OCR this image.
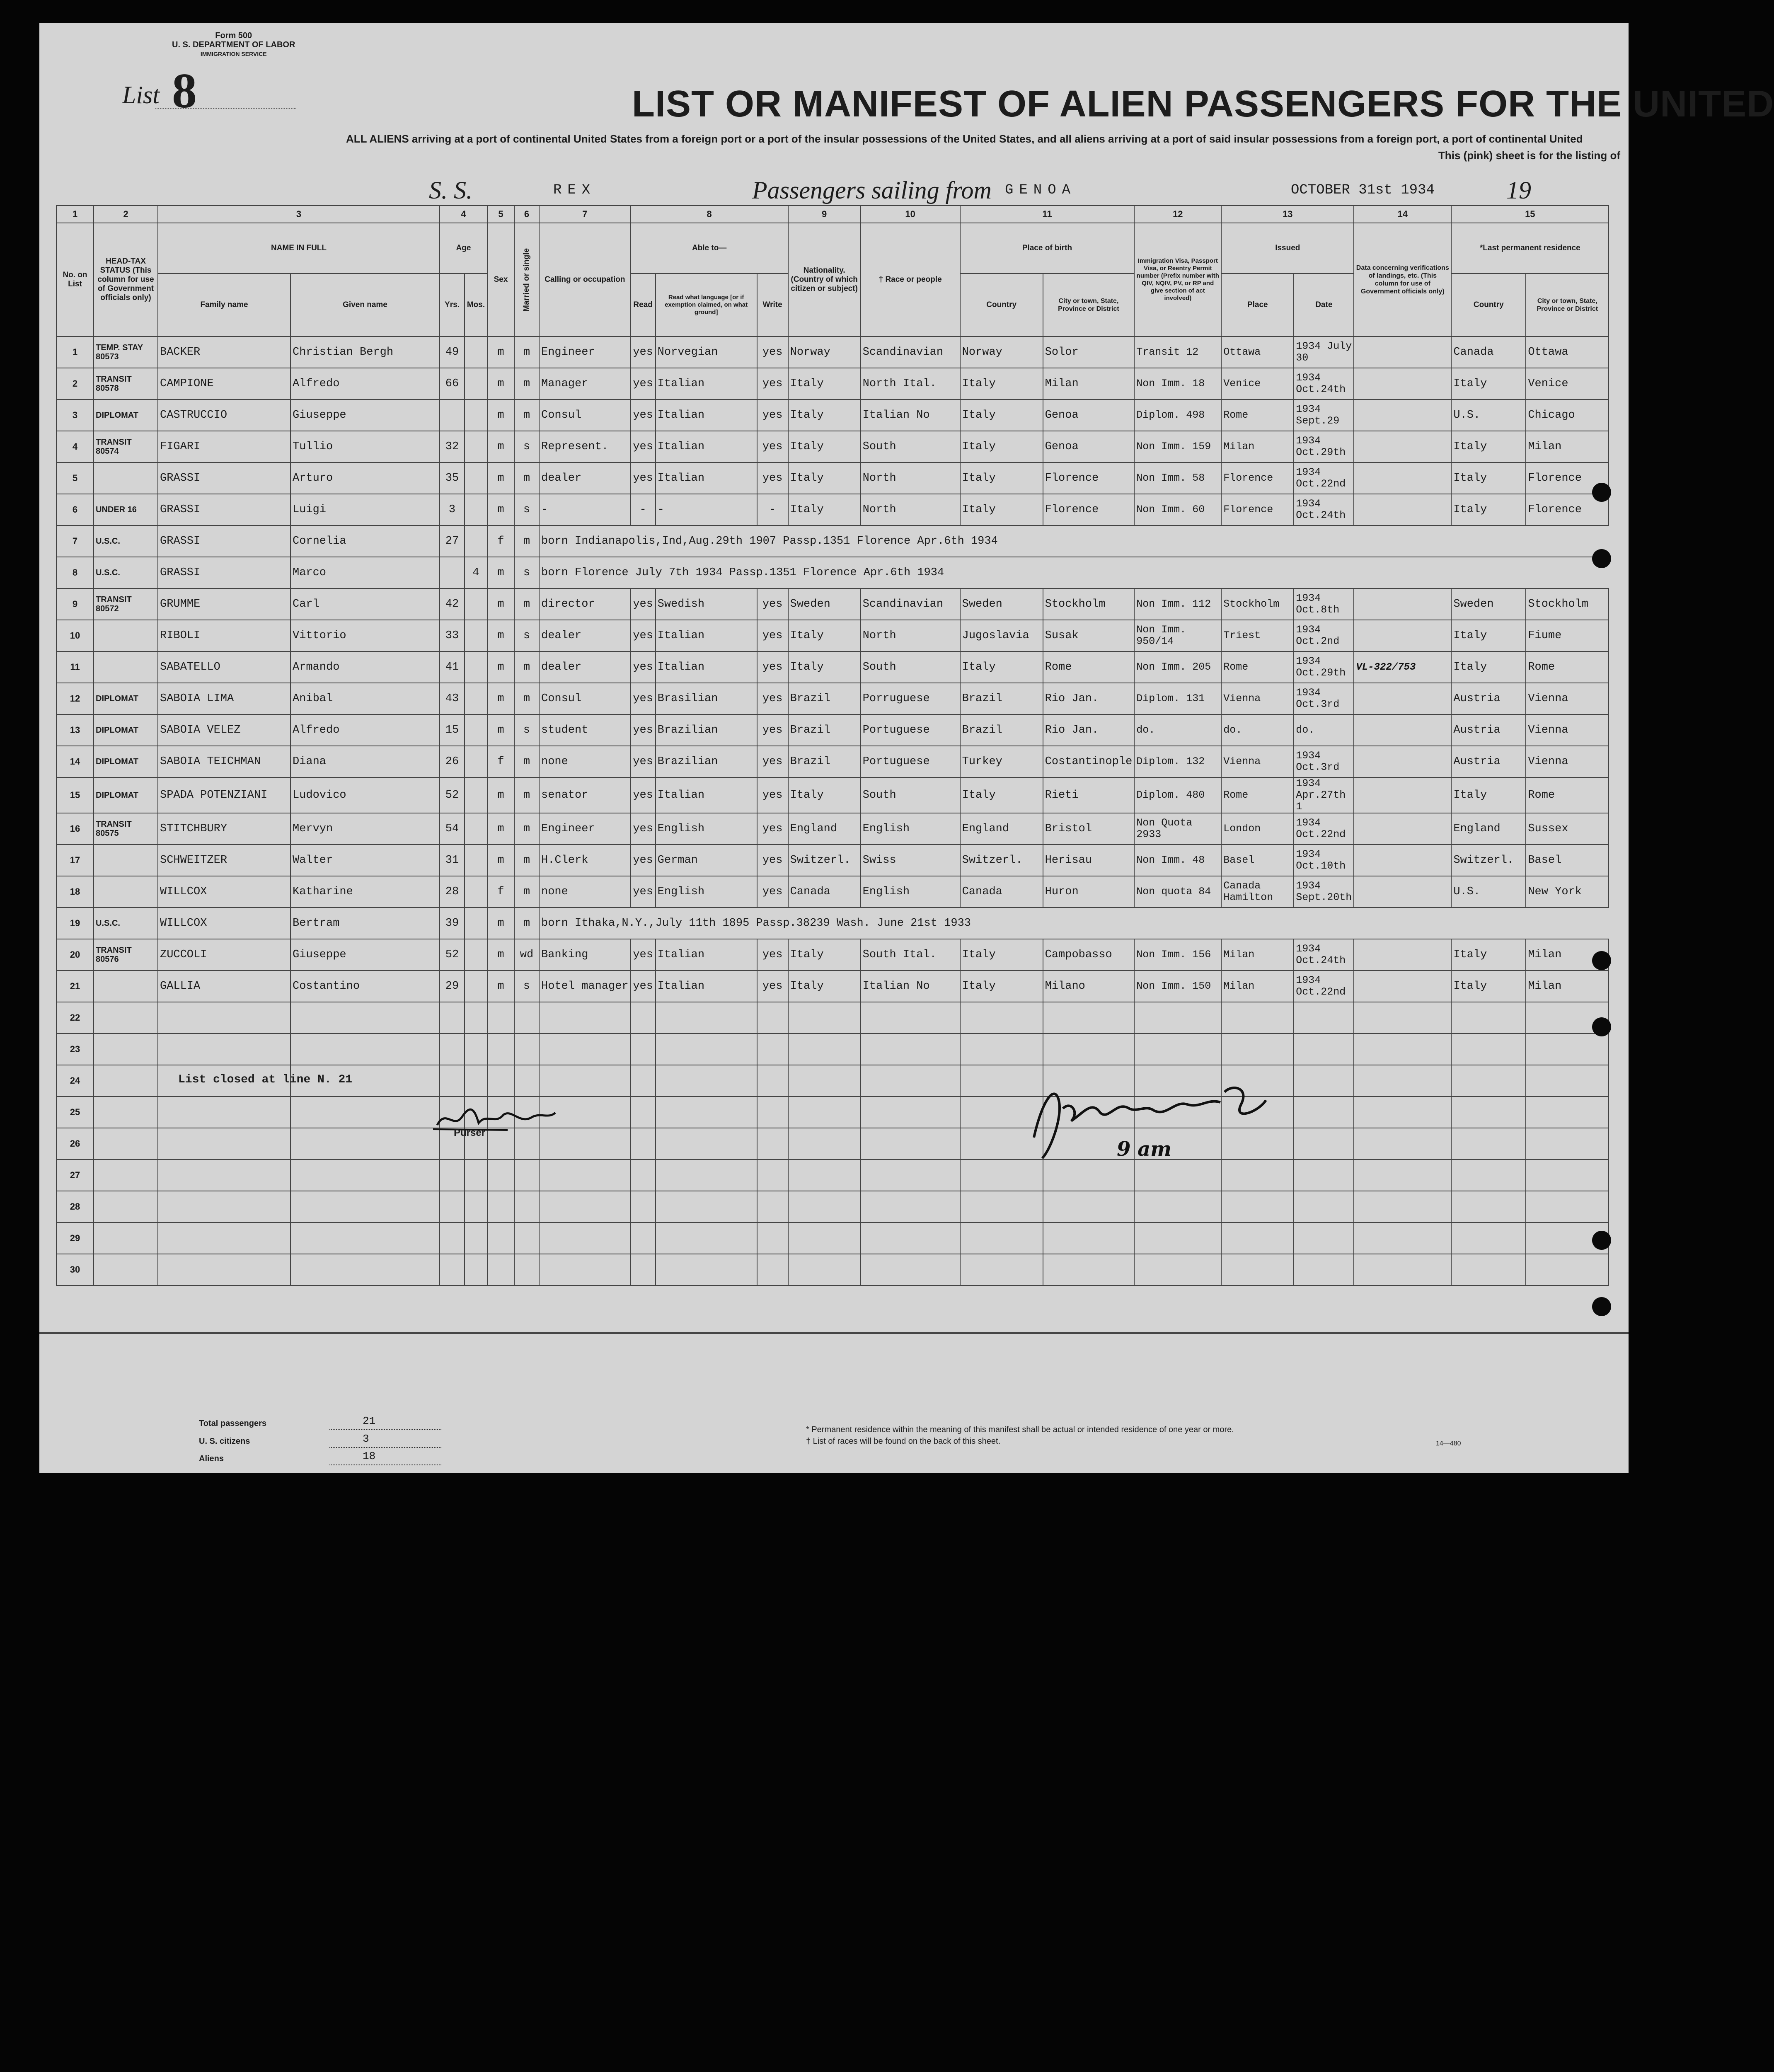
Form 500
U. S. DEPARTMENT OF LABOR
IMMIGRATION SERVICE
List 8	LIST OR MANIFEST OF ALIEN PASSENGERS FOR THE UNITED
ALL ALIENS arriving at a port of continental United States from a foreign port or a port of the insular possessions of the United States, and all aliens arriving at a port of said insular possessions from a foreign port, a port of continental United
This (pink) sheet is for the listing of
S. S.	REX	Passengers sailing from GENOA	OCTOBER 31st 1934	19
1	2	3		4		5	6	7	8			9	10	11		12	13		14	15	
No. on List	HEAD-TAX STATUS (This column for use of Government officials only)	NAME IN FULL		Age		Sex	Married or single	Calling or occupation	Able to—			Nationality. (Country of which citizen or subject)	† Race or people	Place of birth		Immigration Visa, Passport Visa, or Reentry Permit number (Prefix number with QIV, NQIV, PV, or RP and give section of act involved)	Issued		Data concerning verifications of landings, etc. (This column for use of Government officials only)	*Last permanent residence	
		Family name	Given name	Yrs.	Mos.				Read	Read what language [or if exemption claimed, on what ground]	Write			Country	City or town, State, Province or District		Place	Date		Country	City or town, State, Province or District
1	TEMP. STAY 80573	BACKER	Christian Bergh	49		m	m	Engineer	yes	Norvegian	yes	Norway	Scandinavian	Norway	Solor	Transit 12	Ottawa	1934 July 30		Canada	Ottawa
2	TRANSIT 80578	CAMPIONE	Alfredo	66		m	m	Manager	yes	Italian	yes	Italy	North Ital.	Italy	Milan	Non Imm. 18	Venice	1934 Oct.24th		Italy	Venice
3	DIPLOMAT	CASTRUCCIO	Giuseppe			m	m	Consul	yes	Italian	yes	Italy	Italian No	Italy	Genoa	Diplom. 498	Rome	1934 Sept.29		U.S.	Chicago
4	TRANSIT 80574	FIGARI	Tullio	32		m	s	Represent.	yes	Italian	yes	Italy	South	Italy	Genoa	Non Imm. 159	Milan	1934 Oct.29th		Italy	Milan
5		GRASSI	Arturo	35		m	m	dealer	yes	Italian	yes	Italy	North	Italy	Florence	Non Imm. 58	Florence	1934 Oct.22nd		Italy	Florence
6	UNDER 16	GRASSI	Luigi	3		m	s	-	-	-	-	Italy	North	Italy	Florence	Non Imm. 60	Florence	1934 Oct.24th		Italy	Florence
7	U.S.C.	GRASSI	Cornelia	27		f	m	born Indianapolis,Ind,Aug.29th 1907 Passp.1351 Florence Apr.6th 1934													
8	U.S.C.	GRASSI	Marco		4	m	s	born Florence July 7th 1934 Passp.1351 Florence Apr.6th 1934													
9	TRANSIT 80572	GRUMME	Carl	42		m	m	director	yes	Swedish	yes	Sweden	Scandinavian	Sweden	Stockholm	Non Imm. 112	Stockholm	1934 Oct.8th		Sweden	Stockholm
10		RIBOLI	Vittorio	33		m	s	dealer	yes	Italian	yes	Italy	North	Jugoslavia	Susak	Non Imm. 950/14	Triest	1934 Oct.2nd		Italy	Fiume
11		SABATELLO	Armando	41		m	m	dealer	yes	Italian	yes	Italy	South	Italy	Rome	Non Imm. 205	Rome	1934 Oct.29th	VL-322/753	Italy	Rome
12	DIPLOMAT	SABOIA LIMA	Anibal	43		m	m	Consul	yes	Brasilian	yes	Brazil	Porruguese	Brazil	Rio Jan.	Diplom. 131	Vienna	1934 Oct.3rd		Austria	Vienna
13	DIPLOMAT	SABOIA VELEZ	Alfredo	15		m	s	student	yes	Brazilian	yes	Brazil	Portuguese	Brazil	Rio Jan.	do.	do.	do.		Austria	Vienna
14	DIPLOMAT	SABOIA TEICHMAN	Diana	26		f	m	none	yes	Brazilian	yes	Brazil	Portuguese	Turkey	Costantinople	Diplom. 132	Vienna	1934 Oct.3rd		Austria	Vienna
15	DIPLOMAT	SPADA POTENZIANI	Ludovico	52		m	m	senator	yes	Italian	yes	Italy	South	Italy	Rieti	Diplom. 480	Rome	1934 Apr.27th 1		Italy	Rome
16	TRANSIT 80575	STITCHBURY	Mervyn	54		m	m	Engineer	yes	English	yes	England	English	England	Bristol	Non Quota 2933	London	1934 Oct.22nd		England	Sussex
17		SCHWEITZER	Walter	31		m	m	H.Clerk	yes	German	yes	Switzerl.	Swiss	Switzerl.	Herisau	Non Imm. 48	Basel	1934 Oct.10th		Switzerl.	Basel
18		WILLCOX	Katharine	28		f	m	none	yes	English	yes	Canada	English	Canada	Huron	Non quota 84	Canada Hamilton	1934 Sept.20th		U.S.	New York
19	U.S.C.	WILLCOX	Bertram	39		m	m	born Ithaka,N.Y.,July 11th 1895 Passp.38239 Wash. June 21st 1933													
20	TRANSIT 80576	ZUCCOLI	Giuseppe	52		m	wd	Banking	yes	Italian	yes	Italy	South Ital.	Italy	Campobasso	Non Imm. 156	Milan	1934 Oct.24th		Italy	Milan
21		GALLIA	Costantino	29		m	s	Hotel manager	yes	Italian	yes	Italy	Italian No	Italy	Milano	Non Imm. 150	Milan	1934 Oct.22nd		Italy	Milan
22																					
23																					
24																					
25																					
26																					
27																					
28																					
29																					
30																					
List closed at line N. 21
Purser
9 am
Total passengers	21
U. S. citizens	3
Aliens	18
* Permanent residence within the meaning of this manifest shall be actual or intended residence of one year or more.
† List of races will be found on the back of this sheet.	14—480
